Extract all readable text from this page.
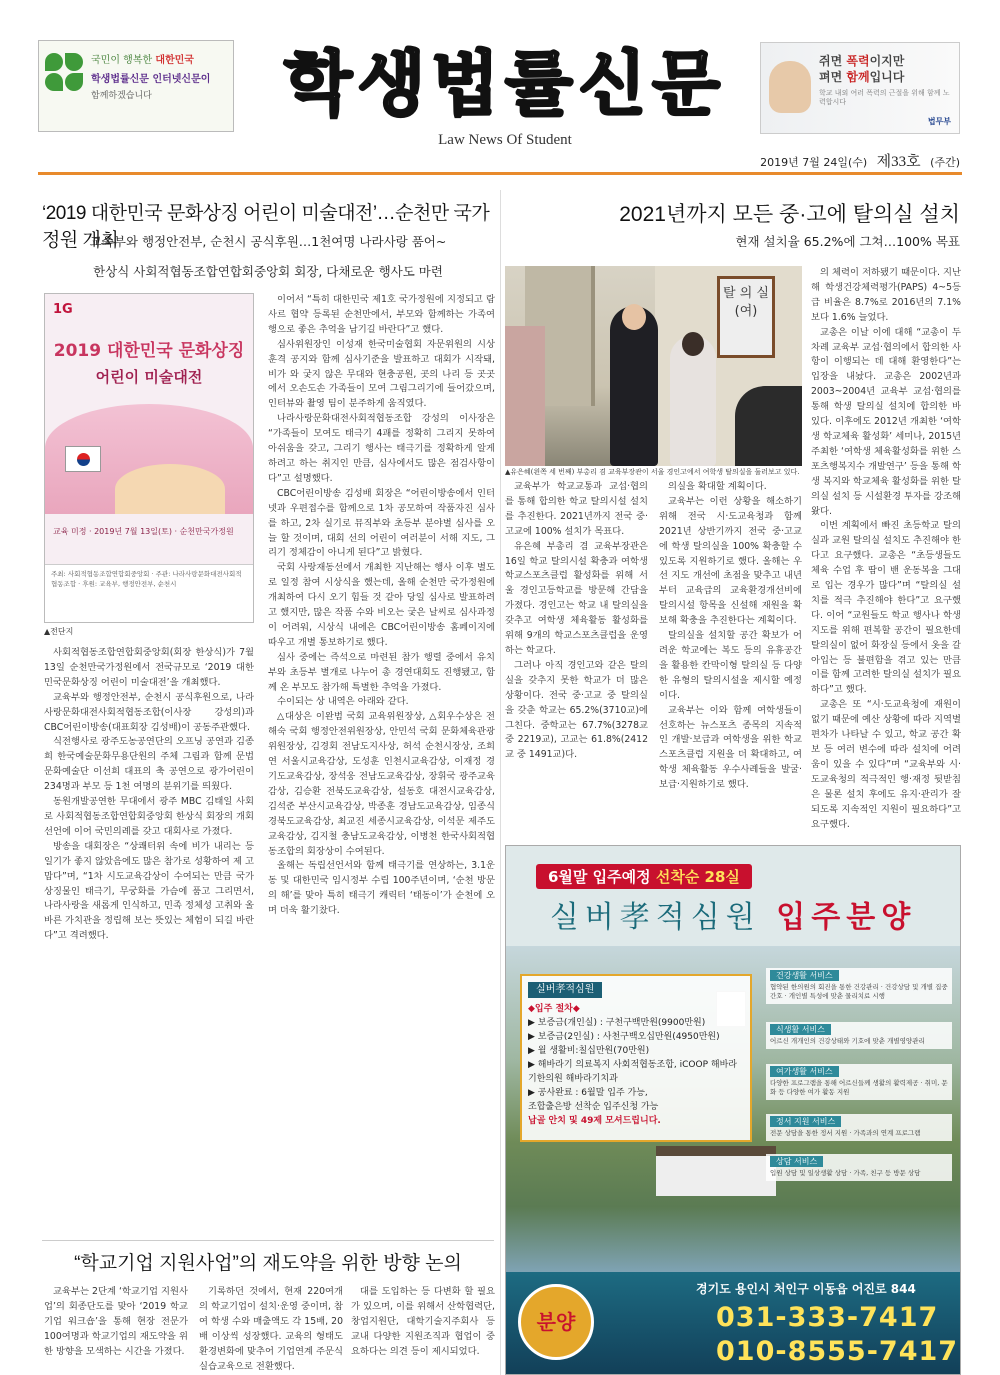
국민이 행복한 대한민국
학생법률신문 인터넷신문이
함께하겠습니다	학생법률신문
Law News Of Student
쥐면 폭력이지만
펴면 함께입니다
학교 내외 여러 폭력의 근절을 위해 함께 노력합시다
법무부
2019년 7월 24일(수) 제33호 (주간)
‘2019 대한민국 문화상징 어린이 미술대전’…순천만 국가정원 개최
교육부와 행정안전부, 순천시 공식후원…1천여명 나라사랑 품어~
한상식 사회적협동조합연합회중앙회 회장, 다채로운 행사도 마련
1G
2019 대한민국 문화상징
어린이 미술대전
교육 미정 · 2019년 7월 13일(토) · 순천만국가정원
주최: 사회적협동조합연합회중앙회 · 주관: 나라사랑문화대전사회적협동조합 · 후원: 교육부, 행정안전부, 순천시
▲전단지

사회적협동조합연합회중앙회(회장 한상식)가 7월 13일 순천만국가정원에서 전국규모로 ‘2019 대한민국문화상징 어린이 미술대전’을 개최했다.

교육부와 행정안전부, 순천시 공식후원으로, 나라사랑문화대전사회적협동조합(이사장 강성의)과 CBC어린이방송(대표회장 김성배)이 공동주관했다.

식전행사로 광주도농공연단의 오프닝 공연과 김종희 한국예술문화무용단원의 주체 그림과 함께 문법문화예술단 이선희 대표의 축 공연으로 광가어린이 234명과 부모 등 1천 여명의 분위기를 띄웠다.

동원개발공연한 무대에서 광주 MBC 김태일 사회로 사회적협동조합연합회중앙회 한상식 회장의 개회 선언에 이어 국민의례를 갖고 대회사로 가졌다.

방송을 대회장은 “상쾌터위 속에 비가 내리는 등 일기가 좋지 않았음에도 많은 참가로 성황하여 제 고맙다”며, “1차 시도교육감상이 수여되는 만큼 국가상징물인 태극기, 무궁화를 가슴에 품고 그리면서, 나라사랑을 새롭게 인식하고, 민족 정체성 고취와 올바른 가치관을 정립해 보는 뜻있는 체험이 되길 바란다”고 격려했다.

이어서 “특히 대한민국 제1호 국가정원에 지정되고 람사르 협약 등록된 순천만에서, 부모와 함께하는 가족여행으로 좋은 추억을 남기길 바란다”고 했다.

심사위원장인 이성재 한국미술협회 자문위원의 시상 훈격 공지와 함께 심사기준을 발표하고 대회가 시작돼, 비가 와 궂지 않은 무대와 현충공원, 곳의 나리 등 곳곳에서 오손도손 가족들이 모여 그림그리기에 들어갔으며, 인터뷰와 촬영 팀이 분주하게 움직였다.

나라사랑문화대전사회적협동조합 강성의 이사장은 “가족들이 모여도 태극기 4괘를 정확히 그리지 못하여 아쉬움을 갖고, 그리기 행사는 태극기를 정확하게 알게 하려고 하는 취지인 만큼, 심사에서도 많은 점검사항이다”고 설명했다.

CBC어린이방송 김성배 회장은 “어린이방송에서 인터넷과 우편접수를 함께으로 1차 공모하여 작품자진 심사를 하고, 2차 실기로 뮤직부와 초등부 분야별 심사를 오늘 할 것이며, 대회 선의 어린이 여러분이 서해 지도, 그리기 정체감이 아니게 된다”고 밝혔다.

국회 사랑재동선에서 개최한 지난해는 행사 이후 별도로 일정 참여 시상식을 했는데, 올해 순천만 국가정원에 개최하여 다시 오기 힘들 것 같아 당일 심사로 발표하려고 했지만, 많은 작품 수와 비오는 궂은 날씨로 심사과정이 어려워, 시상식 내에은 CBC어린이방송 홈페이지에 따우고 개별 통보하기로 했다.

심사 중에는 즉석으로 마련된 참가 행렬 중에서 유치부와 초등부 별개로 나누어 총 경연대회도 진행됐고, 함께 온 부모도 참가해 특별한 추억을 가졌다.

수이되는 상 내역은 아래와 같다.

△대상은 이완범 국회 교육위원장상, △회우수상은 전해숙 국회 행정안전위원장상, 안민석 국회 문화체육관광위원장상, 김경회 전남도지사상, 허석 순천시장상, 조희연 서울시교육감상, 도성훈 인천시교육감상, 이재정 경기도교육감상, 장석웅 전남도교육감상, 장휘국 광주교육감상, 김승환 전북도교육감상, 설동호 대전시교육감상, 김석준 부산시교육감상, 박종훈 경남도교육감상, 임종식 경북도교육감상, 최교진 세종시교육감상, 이석문 제주도교육감상, 김지철 충남도교육감상, 이병천 한국사회적협동조합의 회장상이 수여된다.

올해는 독립선언서와 함께 태극기를 연상하는, 3.1운동 및 대한민국 임시정부 수립 100주년이며, ‘순천 방문의 해’를 맞아 특히 태극기 캐릭터 ‘태동이’가 순천에 오며 더욱 활기찼다.

2021년까지 모든 중·고에 탈의실 설치
현재 설치율 65.2%에 그쳐…100% 목표
탈 의 실
(여)
▲유은혜(왼쪽 세 번째) 부총리 겸 교육부장관이 서울 경인고에서 여학생 탈의실을 둘러보고 있다.

교육부가 학교교통과 교섭·협의를 통해 합의한 학교 탈의시설 설치를 추진한다. 2021년까지 전국 중·고교에 100% 설치가 목표다.

유은혜 부총리 겸 교육부장관은 16일 학교 탈의시설 확충과 여학생 학교스포츠클럽 활성화를 위해 서울 경인고등학교를 방문해 간담을 가졌다. 경인고는 학교 내 탈의실을 갖추고 여학생 체육활동 활성화를 위해 9개의 학교스포츠클럽을 운영하는 학교다.

그러나 아직 경인고와 같은 탈의실을 갖추지 못한 학교가 더 많은 상황이다. 전국 중·고교 중 탈의실을 갖춘 학교는 65.2%(3710교)에 그친다. 중학교는 67.7%(3278교 중 2219교), 고교는 61.8%(2412교 중 1491교)다.

의실을 확대할 계획이다.

교육부는 이런 상황을 해소하기 위해 전국 시·도교육청과 함께 2021년 상반기까지 전국 중·고교에 학생 탈의실을 100% 확충할 수 있도록 지원하기로 했다. 올해는 우선 지도 개선에 초점을 맞추고 내년부터 교육급의 교육환경개선비에 탈의시설 항목을 신설해 재원을 확보해 확충을 추진한다는 계획이다.

탈의실을 설치할 공간 확보가 어려운 학교에는 복도 등의 유휴공간을 활용한 칸막이형 탈의실 등 다양한 유형의 탈의시설을 제시할 예정이다.

교육부는 이와 함께 여학생들이 선호하는 뉴스포츠 종목의 지속적인 개발·보급과 여학생을 위한 학교스포츠클럽 지원을 더 확대하고, 여학생 체육활동 우수사례들을 발굴·보급·지원하기로 했다.

의 체력이 저하됐기 때문이다. 지난해 학생건강체력평가(PAPS) 4~5등급 비율은 8.7%로 2016년의 7.1%보다 1.6% 늘었다.

교총은 이날 이에 대해 “교총이 두 차례 교육부 교섭·협의에서 합의한 사항이 이행되는 데 대해 환영한다”는 입장을 내놨다. 교총은 2002년과 2003~2004년 교육부 교섭·협의를 통해 학생 탈의실 설치에 합의한 바 있다. 이후에도 2012년 개최한 ‘여학생 학교체육 활성화’ 세미나, 2015년 주최한 ‘여학생 체육활성화를 위한 스포츠행복지수 개발연구’ 등을 통해 학생 복지와 학교체육 활성화를 위한 탈의실 설치 등 시설환경 투자를 강조해왔다.

이번 계획에서 빠진 초등학교 탈의실과 교원 탈의실 설치도 추진해야 한다고 요구했다. 교총은 “초등생들도 체육 수업 후 땀이 밴 운동복을 그대로 입는 경우가 많다”며 “탈의실 설치를 적극 추진해야 한다”고 요구했다. 이어 “교원들도 학교 행사나 학생 지도를 위해 편복할 공간이 필요한데 탈의실이 없어 화장실 등에서 옷을 갈아입는 등 불편함을 겪고 있는 만큼 이를 함께 고려한 탈의실 설치가 필요하다”고 했다.

교총은 또 “시·도교육청에 재원이 없기 때문에 예산 상황에 따라 지역별 편차가 나타날 수 있고, 학교 공간 확보 등 여러 변수에 따라 설치에 어려움이 있을 수 있다”며 “교육부와 시·도교육청의 적극적인 행·재정 뒷받침은 물론 설치 후에도 유지·관리가 잘되도록 지속적인 지원이 필요하다”고 요구했다.

“학교기업 지원사업”의 재도약을 위한 방향 논의

교육부는 2단계 ‘학교기업 지원사업’의 회종단도를 맞아 ‘2019 학교기업 워크숍’을 통해 현장 전문가 100여명과 학교기업의 재도약을 위한 방향을 모색하는 시간을 가졌다.

기록하던 것에서, 현재 220여개의 학교기업이 설치·운영 중이며, 참여 학생 수와 매출액도 각 15배, 20배 이상씩 성장했다. 교육의 형태도 환경변화에 맞추어 기업연계 주문식 실습교육으로 전환했다.

대를 도입하는 등 다변화 할 필요가 있으며, 이를 위해서 산학협력단, 창업지원단, 대학기술지주회사 등 교내 다양한 지원조직과 협업이 중요하다는 의견 등이 제시되었다.

6월말 입주예정 선착순 28실
실버孝적심원 입주분양
실버孝적심원
◆입주 절차◆
▶ 보증금(개인실) : 구천구백만원(9900만원)
▶ 보증금(2인실) : 사천구백오십만원(4950만원)
▶ 월 생활비:칠십만원(70만원)
▶ 해바라기 의료복지 사회적협동조합, iCOOP 해바라기한의원 해바라기치과
▶ 공사완료 : 6월말 입주 가능,
조합출은방 선착순 입주신청 가능
납골 안치 및 49제 모셔드립니다.
건강생활 서비스
협약된 한의원의 회진을 통한 건강관리 · 건강상담 및 개별 집중 간호 · 개인별 특성에 맞춘 물리치료 시행
식생활 서비스
어르신 개개인의 건강상태와 기호에 맞춘 개별영양관리
여가생활 서비스
다양한 프로그램을 통해 어르신들께 생활의 활력제공 · 취미, 문화 등 다양한 여가 활동 지원
정서 지원 서비스
전문 상담을 통한 정서 지원 · 가족과의 연계 프로그램
상담 서비스
입원 상담 및 일상생활 상담 · 가족, 친구 등 방문 상담
분양
경기도 용인시 처인구 이동읍 어진로 844
031-333-7417
010-8555-7417
